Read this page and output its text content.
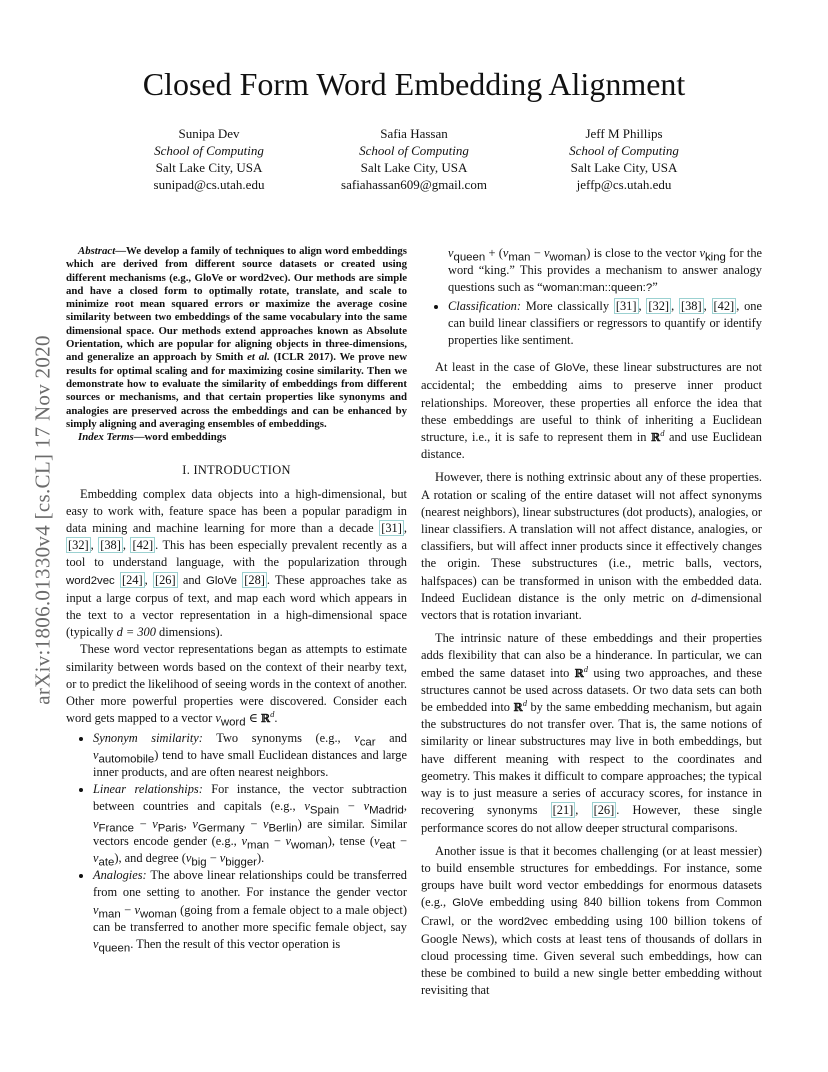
arXiv:1806.01330v4 [cs.CL] 17 Nov 2020
Closed Form Word Embedding Alignment
Sunipa Dev
School of Computing
Salt Lake City, USA
sunipad@cs.utah.edu
Safia Hassan
School of Computing
Salt Lake City, USA
safiahassan609@gmail.com
Jeff M Phillips
School of Computing
Salt Lake City, USA
jeffp@cs.utah.edu

Abstract—We develop a family of techniques to align word embeddings which are derived from different source datasets or created using different mechanisms (e.g., GloVe or word2vec). Our methods are simple and have a closed form to optimally rotate, translate, and scale to minimize root mean squared errors or maximize the average cosine similarity between two embeddings of the same vocabulary into the same dimensional space. Our methods extend approaches known as Absolute Orientation, which are popular for aligning objects in three-dimensions, and generalize an approach by Smith et al. (ICLR 2017). We prove new results for optimal scaling and for maximizing cosine similarity. Then we demonstrate how to evaluate the similarity of embeddings from different sources or mechanisms, and that certain properties like synonyms and analogies are preserved across the embeddings and can be enhanced by simply aligning and averaging ensembles of embeddings.

Index Terms—word embeddings

I. INTRODUCTION

Embedding complex data objects into a high-dimensional, but easy to work with, feature space has been a popular paradigm in data mining and machine learning for more than a decade [31] , [32] , [38] , [42] . This has been especially prevalent recently as a tool to understand language, with the popularization through word2vec [24] , [26] and GloVe [28] . These approaches take as input a large corpus of text, and map each word which appears in the text to a vector representation in a high-dimensional space (typically d = 300 dimensions).

These word vector representations began as attempts to estimate similarity between words based on the context of their nearby text, or to predict the likelihood of seeing words in the context of another. Other more powerful properties were discovered. Consider each word gets mapped to a vector $v_{word}$ ∈ ℝ$^d$.

• Synonym similarity: Two synonyms (e.g., $v_{car}$ and $v_{automobile}$) tend to have small Euclidean distances and large inner products, and are often nearest neighbors.
• Linear relationships: For instance, the vector subtraction between countries and capitals (e.g., $v_{Spain} - v_{Madrid}$, $v_{France} - v_{Paris}$, $v_{Germany} - v_{Berlin}$) are similar. Similar vectors encode gender (e.g., $v_{man} - v_{woman}$), tense $(v_{eat} - v_{ate})$, and degree $(v_{big} - v_{bigger})$.
• Analogies: The above linear relationships could be transferred from one setting to another. For instance the gender vector $v_{man} - v_{woman}$ (going from a female object to a male object) can be transferred to another more specific female object, say $v_{queen}$. Then the result of this vector operation is
$v_{queen} + (v_{man} - v_{woman})$ is close to the vector $v_{king}$ for the word “king.” This provides a mechanism to answer analogy questions such as “woman:man::queen:?”
• Classification: More classically [31] , [32] , [38] , [42] , one can build linear classifiers or regressors to quantify or identify properties like sentiment.

At least in the case of GloVe, these linear substructures are not accidental; the embedding aims to preserve inner product relationships. Moreover, these properties all enforce the idea that these embeddings are useful to think of inheriting a Euclidean structure, i.e., it is safe to represent them in ℝ$^d$ and use Euclidean distance.

However, there is nothing extrinsic about any of these properties. A rotation or scaling of the entire dataset will not affect synonyms (nearest neighbors), linear substructures (dot products), analogies, or linear classifiers. A translation will not affect distance, analogies, or classifiers, but will affect inner products since it effectively changes the origin. These substructures (i.e., metric balls, vectors, halfspaces) can be transformed in unison with the embedded data. Indeed Euclidean distance is the only metric on d-dimensional vectors that is rotation invariant.

The intrinsic nature of these embeddings and their properties adds flexibility that can also be a hinderance. In particular, we can embed the same dataset into ℝ$^d$ using two approaches, and these structures cannot be used across datasets. Or two data sets can both be embedded into ℝ$^d$ by the same embedding mechanism, but again the substructures do not transfer over. That is, the same notions of similarity or linear substructures may live in both embeddings, but have different meaning with respect to the coordinates and geometry. This makes it difficult to compare approaches; the typical way is to just measure a series of accuracy scores, for instance in recovering synonyms [21] , [26] . However, these single performance scores do not allow deeper structural comparisons.

Another issue is that it becomes challenging (or at least messier) to build ensemble structures for embeddings. For instance, some groups have built word vector embeddings for enormous datasets (e.g., GloVe embedding using 840 billion tokens from Common Crawl, or the word2vec embedding using 100 billion tokens of Google News), which costs at least tens of thousands of dollars in cloud processing time. Given several such embeddings, how can these be combined to build a new single better embedding without revisiting that
